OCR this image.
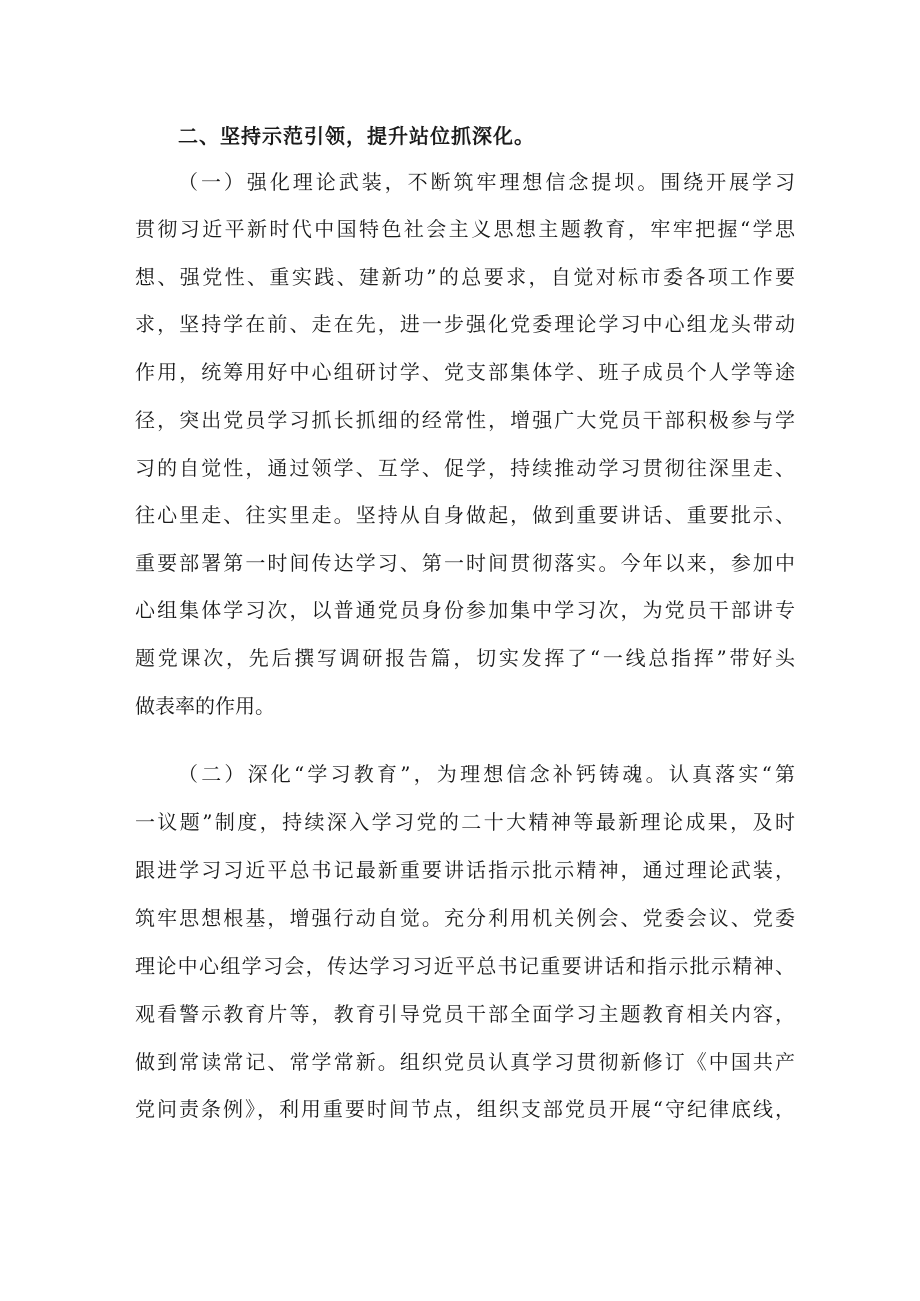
二、坚持示范引领，提升站位抓深化。
（一）强化理论武装，不断筑牢理想信念提坝。围绕开展学习
贯彻习近平新时代中国特色社会主义思想主题教育，牢牢把握“学思
想、强党性、重实践、建新功”的总要求，自觉对标市委各项工作要
求，坚持学在前、走在先，进一步强化党委理论学习中心组龙头带动
作用，统筹用好中心组研讨学、党支部集体学、班子成员个人学等途
径，突出党员学习抓长抓细的经常性，增强广大党员干部积极参与学
习的自觉性，通过领学、互学、促学，持续推动学习贯彻往深里走、
往心里走、往实里走。坚持从自身做起，做到重要讲话、重要批示、
重要部署第一时间传达学习、第一时间贯彻落实。今年以来，参加中
心组集体学习次，以普通党员身份参加集中学习次，为党员干部讲专
题党课次，先后撰写调研报告篇，切实发挥了“一线总指挥”带好头
做表率的作用。
（二）深化“学习教育”，为理想信念补钙铸魂。认真落实“第
一议题”制度，持续深入学习党的二十大精神等最新理论成果，及时
跟进学习习近平总书记最新重要讲话指示批示精神，通过理论武装，
筑牢思想根基，增强行动自觉。充分利用机关例会、党委会议、党委
理论中心组学习会，传达学习习近平总书记重要讲话和指示批示精神、
观看警示教育片等，教育引导党员干部全面学习主题教育相关内容，
做到常读常记、常学常新。组织党员认真学习贯彻新修订《中国共产
党问责条例》，利用重要时间节点，组织支部党员开展“守纪律底线，
